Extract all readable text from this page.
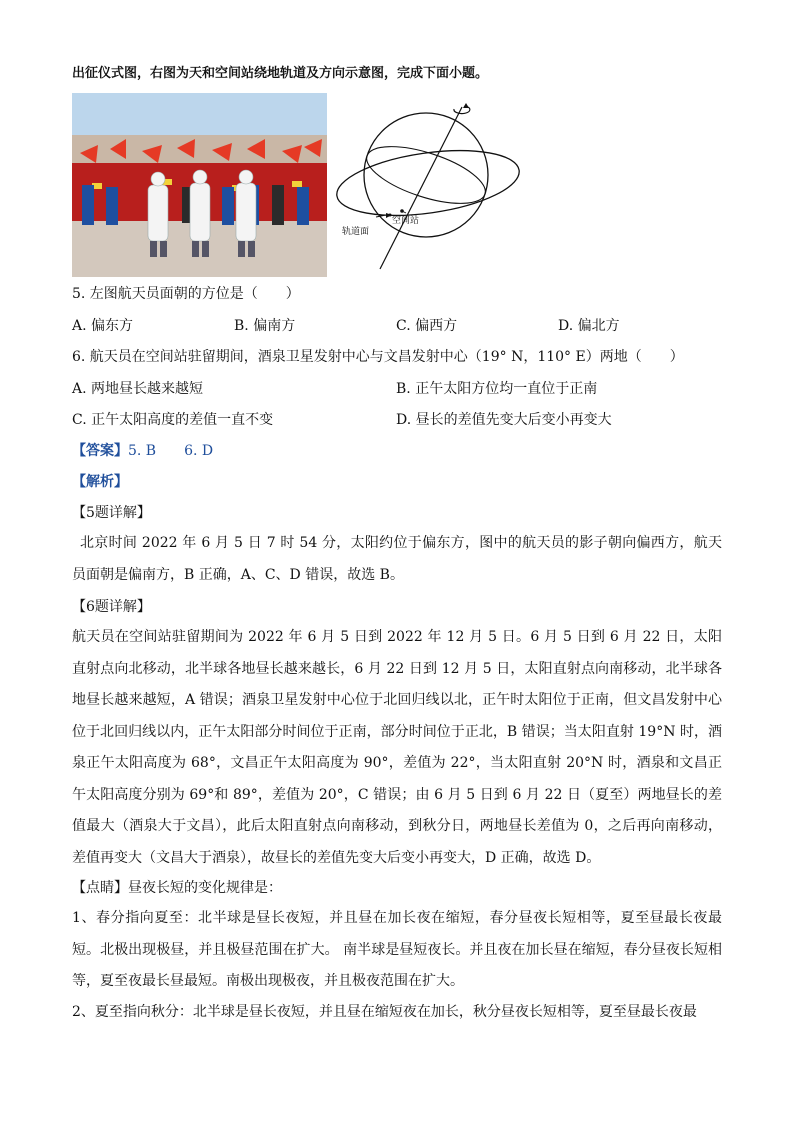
出征仪式图，右图为天和空间站绕地轨道及方向示意图，完成下面小题。
空间站
轨道面
5. 左图航天员面朝的方位是（　　）
A. 偏东方	B. 偏南方	C. 偏西方	D. 偏北方
6. 航天员在空间站驻留期间，酒泉卫星发射中心与文昌发射中心（19° N，110° E）两地（　　）
A. 两地昼长越来越短	B. 正午太阳方位均一直位于正南
C. 正午太阳高度的差值一直不变	D. 昼长的差值先变大后变小再变大
【答案】5. B　　6. D
【解析】
【5题详解】
北京时间 2022 年 6 月 5 日 7 时 54 分，太阳约位于偏东方，图中的航天员的影子朝向偏西方，航天员面朝是偏南方，B 正确，A、C、D 错误，故选 B。
【6题详解】
航天员在空间站驻留期间为 2022 年 6 月 5 日到 2022 年 12 月 5 日。6 月 5 日到 6 月 22 日，太阳直射点向北移动，北半球各地昼长越来越长，6 月 22 日到 12 月 5 日，太阳直射点向南移动，北半球各地昼长越来越短，A 错误；酒泉卫星发射中心位于北回归线以北，正午时太阳位于正南，但文昌发射中心位于北回归线以内，正午太阳部分时间位于正南，部分时间位于正北，B 错误；当太阳直射 19°N 时，酒泉正午太阳高度为 68°，文昌正午太阳高度为 90°，差值为 22°，当太阳直射 20°N 时，酒泉和文昌正午太阳高度分别为 69°和 89°，差值为 20°，C 错误；由 6 月 5 日到 6 月 22 日（夏至）两地昼长的差值最大（酒泉大于文昌），此后太阳直射点向南移动，到秋分日，两地昼长差值为 0，之后再向南移动，差值再变大（文昌大于酒泉），故昼长的差值先变大后变小再变大，D 正确，故选 D。
【点睛】昼夜长短的变化规律是：
1、春分指向夏至：北半球是昼长夜短，并且昼在加长夜在缩短，春分昼夜长短相等，夏至昼最长夜最短。北极出现极昼，并且极昼范围在扩大。 南半球是昼短夜长。并且夜在加长昼在缩短，春分昼夜长短相等，夏至夜最长昼最短。南极出现极夜，并且极夜范围在扩大。
2、夏至指向秋分：北半球是昼长夜短，并且昼在缩短夜在加长，秋分昼夜长短相等，夏至昼最长夜最
